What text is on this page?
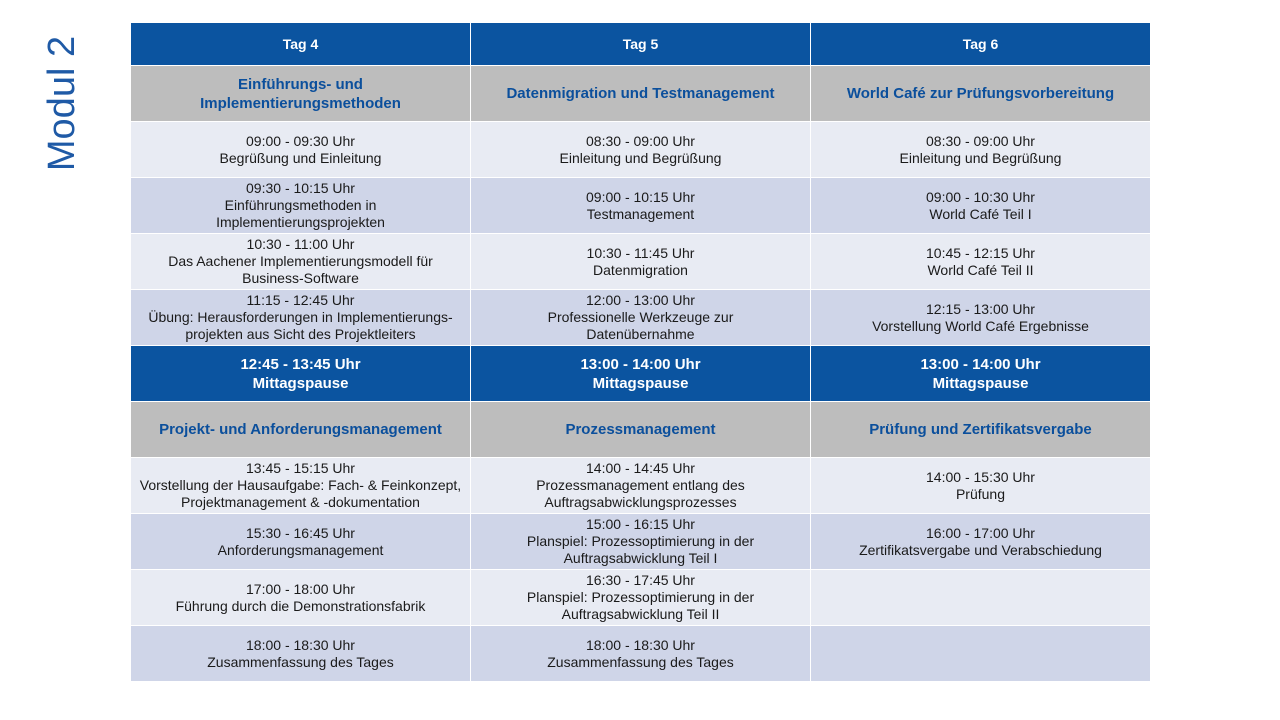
Modul 2	Tag 4	Tag 5	Tag 6

Einführungs- und
Implementierungsmethoden	Datenmigration und Testmanagement	World Café zur Prüfungsvorbereitung

09:00 - 09:30 Uhr
Begrüßung und Einleitung	08:30 - 09:00 Uhr
Einleitung und Begrüßung	08:30 - 09:00 Uhr
Einleitung und Begrüßung

09:30 - 10:15 Uhr
Einführungsmethoden in
Implementierungsprojekten	09:00 - 10:15 Uhr
Testmanagement	09:00 - 10:30 Uhr
World Café Teil I

10:30 - 11:00 Uhr
Das Aachener Implementierungsmodell für
Business-Software	10:30 - 11:45 Uhr
Datenmigration	10:45 - 12:15 Uhr
World Café Teil II

11:15 - 12:45 Uhr
Übung: Herausforderungen in Implementierungs-
projekten aus Sicht des Projektleiters	12:00 - 13:00 Uhr
Professionelle Werkzeuge zur
Datenübernahme	12:15 - 13:00 Uhr
Vorstellung World Café Ergebnisse

12:45 - 13:45 Uhr
Mittagspause	13:00 - 14:00 Uhr
Mittagspause	13:00 - 14:00 Uhr
Mittagspause

Projekt- und Anforderungsmanagement	Prozessmanagement	Prüfung und Zertifikatsvergabe

13:45 - 15:15 Uhr
Vorstellung der Hausaufgabe: Fach- & Feinkonzept,
Projektmanagement & -dokumentation	14:00 - 14:45 Uhr
Prozessmanagement entlang des
Auftragsabwicklungsprozesses	14:00 - 15:30 Uhr
Prüfung

15:30 - 16:45 Uhr
Anforderungsmanagement	15:00 - 16:15 Uhr
Planspiel: Prozessoptimierung in der
Auftragsabwicklung Teil I	16:00 - 17:00 Uhr
Zertifikatsvergabe und Verabschiedung

17:00 - 18:00 Uhr
Führung durch die Demonstrationsfabrik	16:30 - 17:45 Uhr
Planspiel: Prozessoptimierung in der
Auftragsabwicklung Teil II	

18:00 - 18:30 Uhr
Zusammenfassung des Tages	18:00 - 18:30 Uhr
Zusammenfassung des Tages	
